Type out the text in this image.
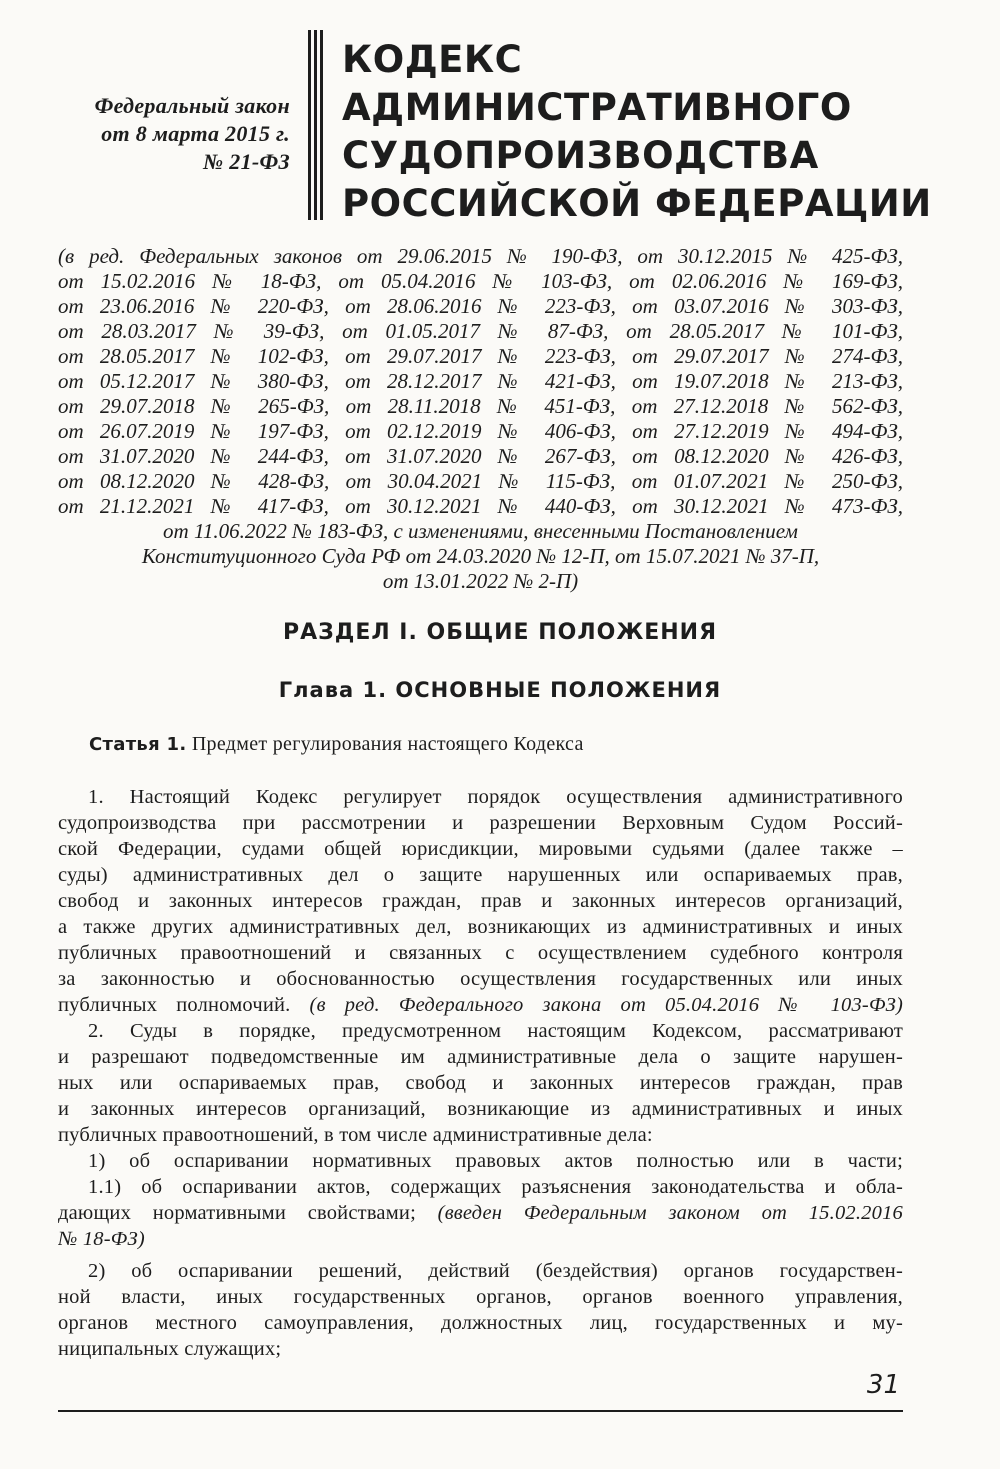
Федеральный закон
от 8 марта 2015 г.
№ 21-ФЗ
КОДЕКС
АДМИНИСТРАТИВНОГО
СУДОПРОИЗВОДСТВА
РОССИЙСКОЙ ФЕДЕРАЦИИ
(в ред. Федеральных законов от 29.06.2015 № 190-ФЗ, от 30.12.2015 № 425-ФЗ,
от 15.02.2016 № 18-ФЗ, от 05.04.2016 № 103-ФЗ, от 02.06.2016 № 169-ФЗ,
от 23.06.2016 № 220-ФЗ, от 28.06.2016 № 223-ФЗ, от 03.07.2016 № 303-ФЗ,
от 28.03.2017 № 39-ФЗ, от 01.05.2017 № 87-ФЗ, от 28.05.2017 № 101-ФЗ,
от 28.05.2017 № 102-ФЗ, от 29.07.2017 № 223-ФЗ, от 29.07.2017 № 274-ФЗ,
от 05.12.2017 № 380-ФЗ, от 28.12.2017 № 421-ФЗ, от 19.07.2018 № 213-ФЗ,
от 29.07.2018 № 265-ФЗ, от 28.11.2018 № 451-ФЗ, от 27.12.2018 № 562-ФЗ,
от 26.07.2019 № 197-ФЗ, от 02.12.2019 № 406-ФЗ, от 27.12.2019 № 494-ФЗ,
от 31.07.2020 № 244-ФЗ, от 31.07.2020 № 267-ФЗ, от 08.12.2020 № 426-ФЗ,
от 08.12.2020 № 428-ФЗ, от 30.04.2021 № 115-ФЗ, от 01.07.2021 № 250-ФЗ,
от 21.12.2021 № 417-ФЗ, от 30.12.2021 № 440-ФЗ, от 30.12.2021 № 473-ФЗ,
от 11.06.2022 № 183-ФЗ, с изменениями, внесенными Постановлением
Конституционного Суда РФ от 24.03.2020 № 12-П, от 15.07.2021 № 37-П,
от 13.01.2022 № 2-П)
РАЗДЕЛ I. ОБЩИЕ ПОЛОЖЕНИЯ
Глава 1. ОСНОВНЫЕ ПОЛОЖЕНИЯ
Статья 1. Предмет регулирования настоящего Кодекса
1. Настоящий Кодекс регулирует порядок осуществления административного
судопроизводства при рассмотрении и разрешении Верховным Судом Россий-
ской Федерации, судами общей юрисдикции, мировыми судьями (далее также –
суды) административных дел о защите нарушенных или оспариваемых прав,
свобод и законных интересов граждан, прав и законных интересов организаций,
а также других административных дел, возникающих из административных и иных
публичных правоотношений и связанных с осуществлением судебного контроля
за законностью и обоснованностью осуществления государственных или иных
публичных полномочий. (в ред. Федерального закона от 05.04.2016 № 103-ФЗ)
2. Суды в порядке, предусмотренном настоящим Кодексом, рассматривают
и разрешают подведомственные им административные дела о защите нарушен-
ных или оспариваемых прав, свобод и законных интересов граждан, прав
и законных интересов организаций, возникающие из административных и иных
публичных правоотношений, в том числе административные дела:
1) об оспаривании нормативных правовых актов полностью или в части;
1.1) об оспаривании актов, содержащих разъяснения законодательства и обла-
дающих нормативными свойствами; (введен Федеральным законом от 15.02.2016
№ 18-ФЗ)
2) об оспаривании решений, действий (бездействия) органов государствен-
ной власти, иных государственных органов, органов военного управления,
органов местного самоуправления, должностных лиц, государственных и му-
ниципальных служащих;
31
